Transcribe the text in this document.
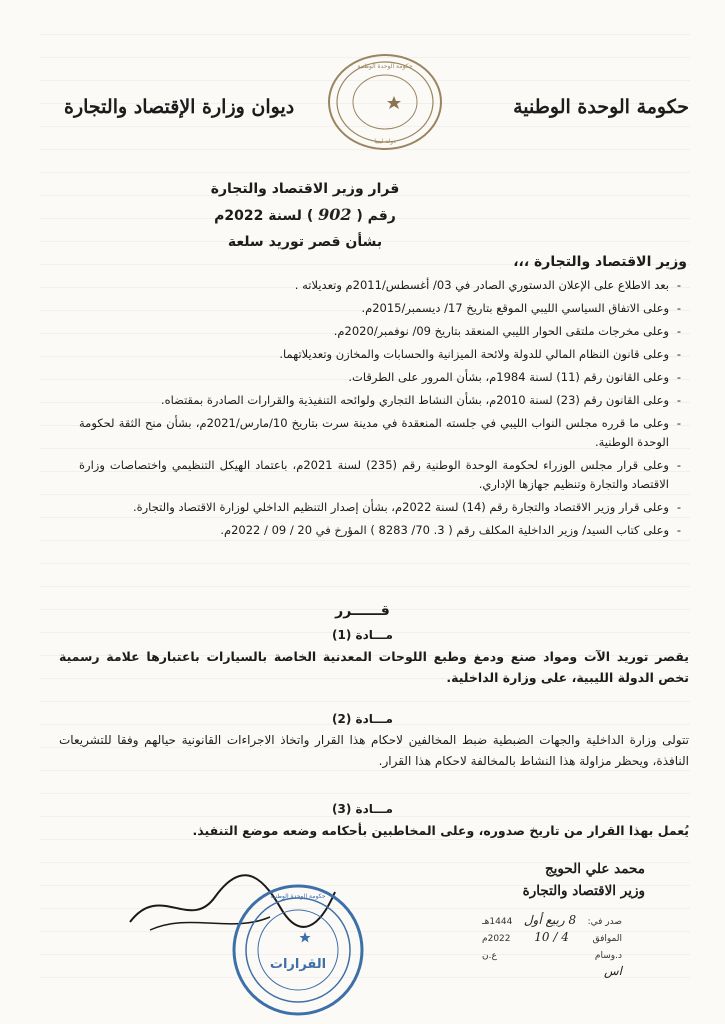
حكومة الوحدة الوطنية
ديوان وزارة الإقتصاد والتجارة
حكومة الوحدة الوطنية
دولة ليبيا
قرار وزير الاقتصاد والتجارة
رقم ( 902 ) لسنة 2022م
بشأن قصر توريد سلعة
وزير الاقتصاد والتجارة ،،،
-
بعد الاطلاع على الإعلان الدستوري الصادر في 03/ أغسطس/2011م وتعديلاته .
-
وعلى الاتفاق السياسي الليبي الموقع بتاريخ 17/ ديسمبر/2015م.
-
وعلى مخرجات ملتقى الحوار الليبي المنعقد بتاريخ 09/ نوفمبر/2020م.
-
وعلى قانون النظام المالي للدولة ولائحة الميزانية والحسابات والمخازن وتعديلاتهما.
-
وعلى القانون رقم (11) لسنة 1984م، بشأن المرور على الطرقات.
-
وعلى القانون رقم (23) لسنة 2010م، بشأن النشاط التجاري ولوائحه التنفيذية والقرارات الصادرة بمقتضاه.
-
وعلى ما قرره مجلس النواب الليبي في جلسته المنعقدة في مدينة سرت بتاريخ 10/مارس/2021م، بشأن منح الثقة لحكومة الوحدة الوطنية.
-
وعلى قرار مجلس الوزراء لحكومة الوحدة الوطنية رقم (235) لسنة 2021م، باعتماد الهيكل التنظيمي واختصاصات وزارة الاقتصاد والتجارة وتنظيم جهازها الإداري.
-
وعلى قرار وزير الاقتصاد والتجارة رقم (14) لسنة 2022م، بشأن إصدار التنظيم الداخلي لوزارة الاقتصاد والتجارة.
-
وعلى كتاب السيد/ وزير الداخلية المكلف رقم ( 3. 70/ 8283 ) المؤرخ في 20 / 09 / 2022م.
قــــــرر
مـــادة (1)
يقصر توريد الآت ومواد صنع ودمغ وطبع اللوحات المعدنية الخاصة بالسيارات باعتبارها علامة رسمية تخص الدولة الليبية، على وزارة الداخلية.
مـــادة (2)
تتولى وزارة الداخلية والجهات الضبطية ضبط المخالفين لاحكام هذا القرار واتخاذ الاجراءات القانونية حيالهم وفقا للتشريعات النافذة، ويحظر مزاولة هذا النشاط بالمخالفة لاحكام هذا القرار.
مـــادة (3)
يُعمل بهذا القرار من تاريخ صدوره، وعلى المخاطبين بأحكامه وضعه موضع التنفيذ.
محمد علي الحويج
وزير الاقتصاد والتجارة
القرارات
حكومة الوحدة الوطنية
صدر في:
8 ربيع أول
1444هـ
الموافق
4 / 10
2022م
د.وسام
ع.ن
اس
